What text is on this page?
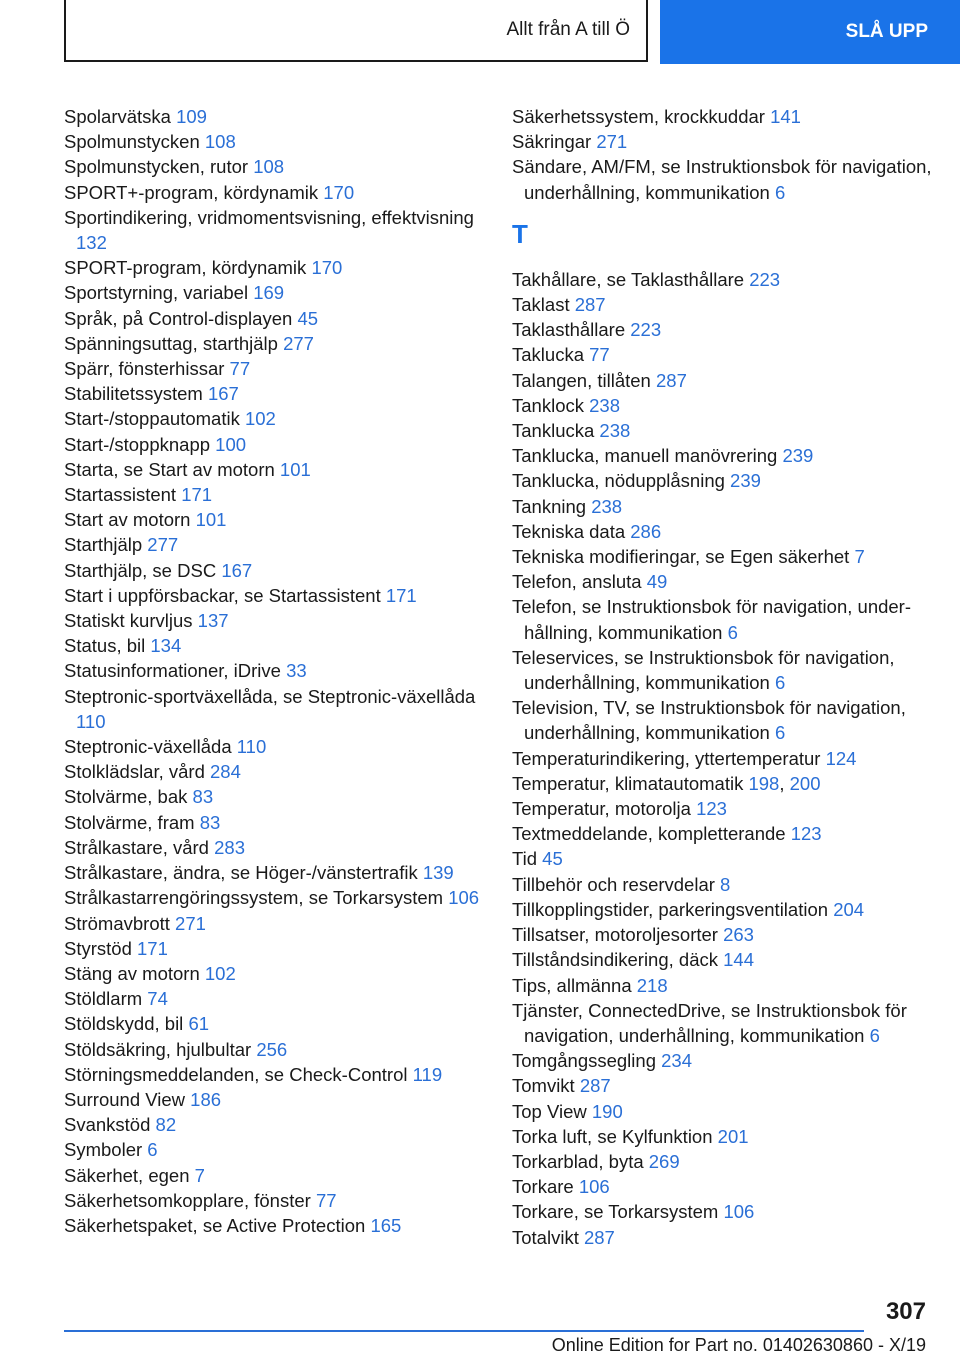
Allt från A till Ö	SLÅ UPP
Spolarvätska 109
Spolmunstycken 108
Spolmunstycken, rutor 108
SPORT+-program, kördynamik 170
Sportindikering, vridmomentsvisning, effektvisning 132
SPORT-program, kördynamik 170
Sportstyrning, variabel 169
Språk, på Control-displayen 45
Spänningsuttag, starthjälp 277
Spärr, fönsterhissar 77
Stabilitetssystem 167
Start-/stoppautomatik 102
Start-/stoppknapp 100
Starta, se Start av motorn 101
Startassistent 171
Start av motorn 101
Starthjälp 277
Starthjälp, se DSC 167
Start i uppförsbackar, se Startassistent 171
Statiskt kurvljus 137
Status, bil 134
Statusinformationer, iDrive 33
Steptronic-sportväxellåda, se Steptronic-växellåda 110
Steptronic-växellåda 110
Stolklädslar, vård 284
Stolvärme, bak 83
Stolvärme, fram 83
Strålkastare, vård 283
Strålkastare, ändra, se Höger-/vänstertrafik 139
Strålkastarrengöringssystem, se Torkarsystem 106
Strömavbrott 271
Styrstöd 171
Stäng av motorn 102
Stöldlarm 74
Stöldskydd, bil 61
Stöldsäkring, hjulbultar 256
Störningsmeddelanden, se Check-Control 119
Surround View 186
Svankstöd 82
Symboler 6
Säkerhet, egen 7
Säkerhetsomkopplare, fönster 77
Säkerhetspaket, se Active Protection 165
Säkerhetssystem, krockkuddar 141
Säkringar 271
Sändare, AM/FM, se Instruktionsbok för navigation, underhållning, kommunikation 6
T
Takhållare, se Taklasthållare 223
Taklast 287
Taklasthållare 223
Taklucka 77
Talangen, tillåten 287
Tanklock 238
Tanklucka 238
Tanklucka, manuell manövrering 239
Tanklucka, nödupplåsning 239
Tankning 238
Tekniska data 286
Tekniska modifieringar, se Egen säkerhet 7
Telefon, ansluta 49
Telefon, se Instruktionsbok för navigation, underhållning, kommunikation 6
Teleservices, se Instruktionsbok för navigation, underhållning, kommunikation 6
Television, TV, se Instruktionsbok för navigation, underhållning, kommunikation 6
Temperaturindikering, yttertemperatur 124
Temperatur, klimatautomatik 198, 200
Temperatur, motorolja 123
Textmeddelande, kompletterande 123
Tid 45
Tillbehör och reservdelar 8
Tillkopplingstider, parkeringsventilation 204
Tillsatser, motoroljesorter 263
Tillståndsindikering, däck 144
Tips, allmänna 218
Tjänster, ConnectedDrive, se Instruktionsbok för navigation, underhållning, kommunikation 6
Tomgångssegling 234
Tomvikt 287
Top View 190
Torka luft, se Kylfunktion 201
Torkarblad, byta 269
Torkare 106
Torkare, se Torkarsystem 106
Totalvikt 287
307
Online Edition for Part no. 01402630860 - X/19
